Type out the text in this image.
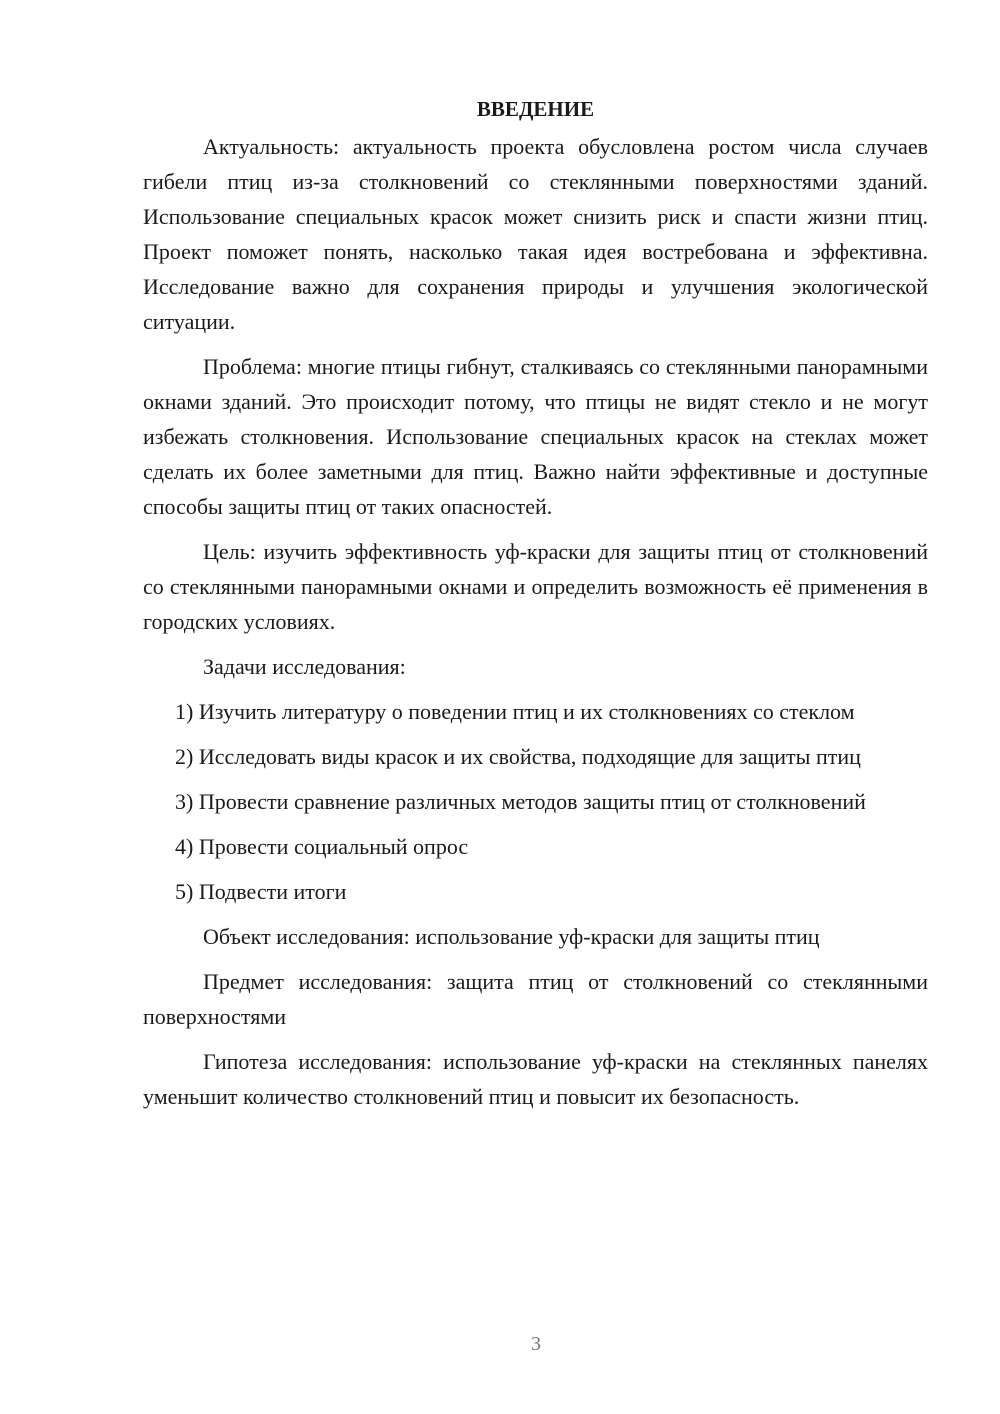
ВВЕДЕНИЕ

Актуальность: актуальность проекта обусловлена ростом числа случаев гибели птиц из-за столкновений со стеклянными поверхностями зданий. Использование специальных красок может снизить риск и спасти жизни птиц. Проект поможет понять, насколько такая идея востребована и эффективна. Исследование важно для сохранения природы и улучшения экологической ситуации.

Проблема: многие птицы гибнут, сталкиваясь со стеклянными панорамными окнами зданий. Это происходит потому, что птицы не видят стекло и не могут избежать столкновения. Использование специальных красок на стеклах может сделать их более заметными для птиц. Важно найти эффективные и доступные способы защиты птиц от таких опасностей.

Цель: изучить эффективность уф-краски для защиты птиц от столкновений со стеклянными панорамными окнами и определить возможность её применения в городских условиях.

Задачи исследования:

1) Изучить литературу о поведении птиц и их столкновениях со стеклом

2) Исследовать виды красок и их свойства, подходящие для защиты птиц

3) Провести сравнение различных методов защиты птиц от столкновений

4) Провести социальный опрос

5) Подвести итоги

Объект исследования: использование уф-краски для защиты птиц

Предмет исследования: защита птиц от столкновений со стеклянными поверхностями

Гипотеза исследования: использование уф-краски на стеклянных панелях уменьшит количество столкновений птиц и повысит их безопасность.

3
